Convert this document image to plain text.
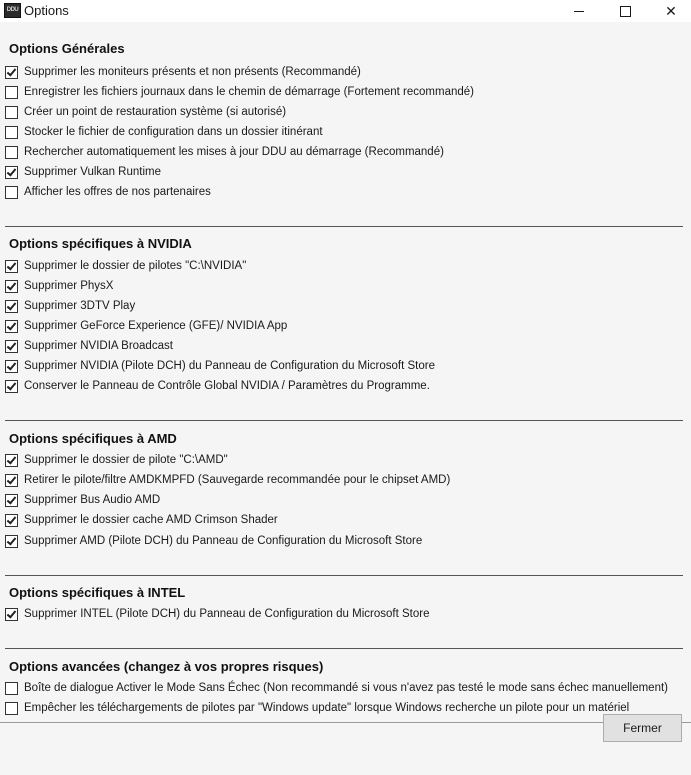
DDU Options	✕
Options Générales
Supprimer les moniteurs présents et non présents (Recommandé)
Enregistrer les fichiers journaux dans le chemin de démarrage (Fortement recommandé)
Créer un point de restauration système (si autorisé)
Stocker le fichier de configuration dans un dossier itinérant
Rechercher automatiquement les mises à jour DDU au démarrage (Recommandé)
Supprimer Vulkan Runtime
Afficher les offres de nos partenaires
Options spécifiques à NVIDIA
Supprimer le dossier de pilotes "C:\NVIDIA"
Supprimer PhysX
Supprimer 3DTV Play
Supprimer GeForce Experience (GFE)/ NVIDIA App
Supprimer NVIDIA Broadcast
Supprimer NVIDIA (Pilote DCH) du Panneau de Configuration du Microsoft Store
Conserver le Panneau de Contrôle Global NVIDIA / Paramètres du Programme.
Options spécifiques à AMD
Supprimer le dossier de pilote "C:\AMD"
Retirer le pilote/filtre AMDKMPFD (Sauvegarde recommandée pour le chipset AMD)
Supprimer Bus Audio AMD
Supprimer le dossier cache AMD Crimson Shader
Supprimer AMD (Pilote DCH) du Panneau de Configuration du Microsoft Store
Options spécifiques à INTEL
Supprimer INTEL (Pilote DCH) du Panneau de Configuration du Microsoft Store
Options avancées (changez à vos propres risques)
Boîte de dialogue Activer le Mode Sans Échec (Non recommandé si vous n'avez pas testé le mode sans échec manuellement)
Empêcher les téléchargements de pilotes par "Windows update" lorsque Windows recherche un pilote pour un matériel
Fermer
